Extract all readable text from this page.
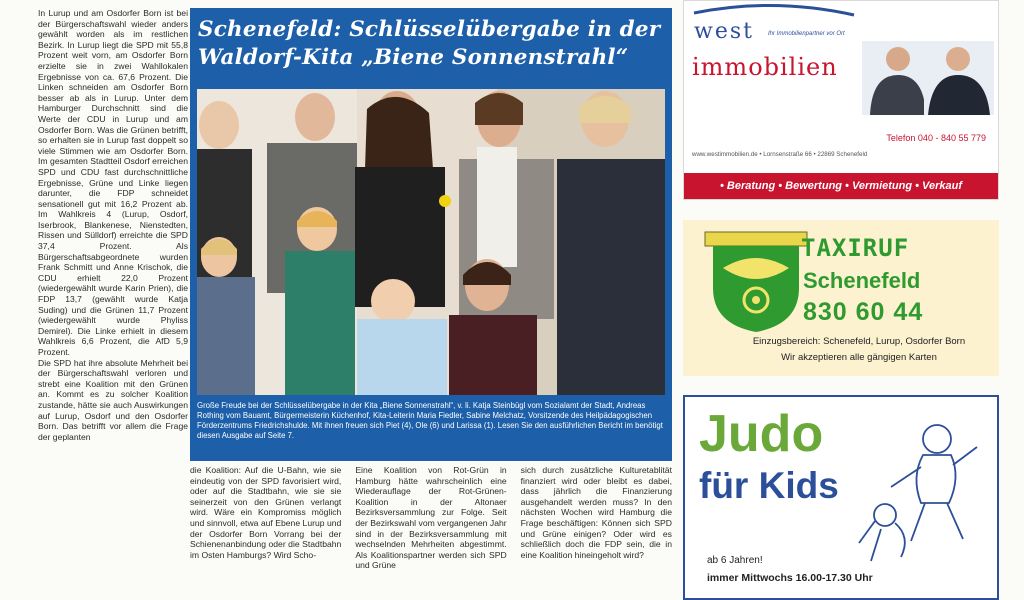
In Lurup und am Osdorfer Born ist bei der Bürgerschaftswahl wieder anders gewählt worden als im restlichen Bezirk. In Lurup liegt die SPD mit 55,8 Prozent weit vorn, am Osdorfer Born erzielte sie in zwei Wahllokalen Ergebnisse von ca. 67,6 Prozent. Die Linken schneiden am Osdorfer Born besser ab als in Lurup. Unter dem Hamburger Durchschnitt sind die Werte der CDU in Lurup und am Osdorfer Born. Was die Grünen betrifft, so erhalten sie in Lurup fast doppelt so viele Stimmen wie am Osdorfer Born. Im gesamten Stadtteil Osdorf erreichen SPD und CDU fast durchschnittliche Ergebnisse, Grüne und Linke liegen darunter, die FDP schneidet sensationell gut mit 16,2 Prozent ab. Im Wahlkreis 4 (Lurup, Osdorf, Iserbrook, Blankenese, Nienstedten, Rissen und Sülldorf) erreichte die SPD 37,4 Prozent. Als Bürgerschaftsabgeordnete wurden Frank Schmitt und Anne Krischok, die CDU erhielt 22,0 Prozent (wiedergewählt wurde Karin Prien), die FDP 13,7 (gewählt wurde Katja Suding) und die Grünen 11,7 Prozent (wiedergewählt wurde Phyliss Demirel). Die Linke erhielt in diesem Wahlkreis 6,6 Prozent, die AfD 5,9 Prozent.

Die SPD hat ihre absolute Mehrheit bei der Bürgerschaftswahl verloren und strebt eine Koalition mit den Grünen an. Kommt es zu solcher Koalition zustande, hätte sie auch Auswirkungen auf Lurup, Osdorf und den Osdorfer Born. Das betrifft vor allem die Frage der geplanten

Schenefeld: Schlüsselübergabe in der Waldorf-Kita „Biene Sonnenstrahl“

Große Freude bei der Schlüsselübergabe in der Kita „Biene Sonnenstrahl“, v. li. Katja Steinbügl vom Sozialamt der Stadt, Andreas Rothing vom Bauamt, Bürgermeisterin Küchenhof, Kita-Leiterin Maria Fiedler, Sabine Melchatz, Vorsitzende des Heilpädagogischen Förderzentrums Friedrichshulde. Mit ihnen freuen sich Piet (4), Ole (6) und Larissa (1). Lesen Sie den ausführlichen Bericht im benötigt diesen Ausgabe auf Seite 7.

die Koalition: Auf die U-Bahn, wie sie eindeutig von der SPD favorisiert wird, oder auf die Stadtbahn, wie sie sie seinerzeit von den Grünen verlangt wird. Wäre ein Kompromiss möglich und sinnvoll, etwa auf Ebene Lurup und der Osdorfer Born Vorrang bei der Schienenanbindung oder die Stadtbahn im Osten Hamburgs? Wird Scho-
Eine Koalition von Rot-Grün in Hamburg hätte wahrscheinlich eine Wiederauflage der Rot-Grünen-Koalition in der Altonaer Bezirksversammlung zur Folge. Seit der Bezirkswahl vom vergangenen Jahr sind in der Bezirksversammlung mit wechselnden Mehrheiten abgestimmt. Als Koalitionspartner werden sich SPD und Grüne
sich durch zusätzliche Kulturetablität finanziert wird oder bleibt es dabei, dass jährlich die Finanzierung ausgehandelt werden muss? In den nächsten Wochen wird Hamburg die Frage beschäftigen: Können sich SPD und Grüne einigen? Oder wird es schließlich doch die FDP sein, die in eine Koalition hineingeholt wird?
west Ihr Immobilienpartner vor Ort
immobilien
Telefon 040 - 840 55 779
www.westimmobilien.de • Lornsenstraße 66 • 22869 Schenefeld
• Beratung • Bewertung • Vermietung • Verkauf
TAXIRUF
Schenefeld
830 60 44
Einzugsbereich: Schenefeld, Lurup, Osdorfer Born
Wir akzeptieren alle gängigen Karten
Judo
für Kids
ab 6 Jahren!
immer Mittwochs 16.00-17.30 Uhr
